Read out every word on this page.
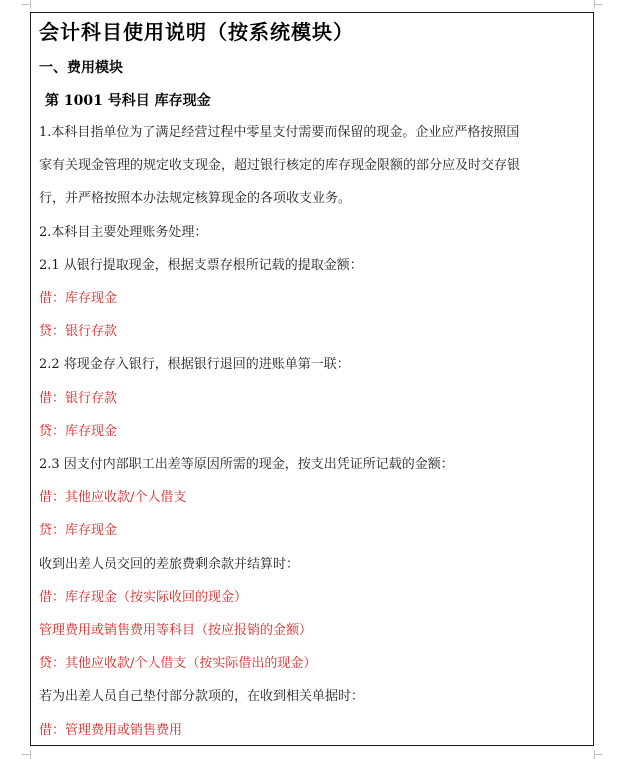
会计科目使用说明（按系统模块）
一、费用模块
第 1001 号科目 库存现金
1.本科目指单位为了满足经营过程中零星支付需要而保留的现金。企业应严格按照国
家有关现金管理的规定收支现金，超过银行核定的库存现金限额的部分应及时交存银
行，并严格按照本办法规定核算现金的各项收支业务。
2.本科目主要处理账务处理：
2.1 从银行提取现金，根据支票存根所记载的提取金额：
借：库存现金
贷：银行存款
2.2 将现金存入银行，根据银行退回的进账单第一联：
借：银行存款
贷：库存现金
2.3 因支付内部职工出差等原因所需的现金，按支出凭证所记载的金额：
借：其他应收款/个人借支
贷：库存现金
收到出差人员交回的差旅费剩余款并结算时：
借：库存现金（按实际收回的现金）
管理费用或销售费用等科目（按应报销的金额）
贷：其他应收款/个人借支（按实际借出的现金）
若为出差人员自己垫付部分款项的，在收到相关单据时：
借：管理费用或销售费用
